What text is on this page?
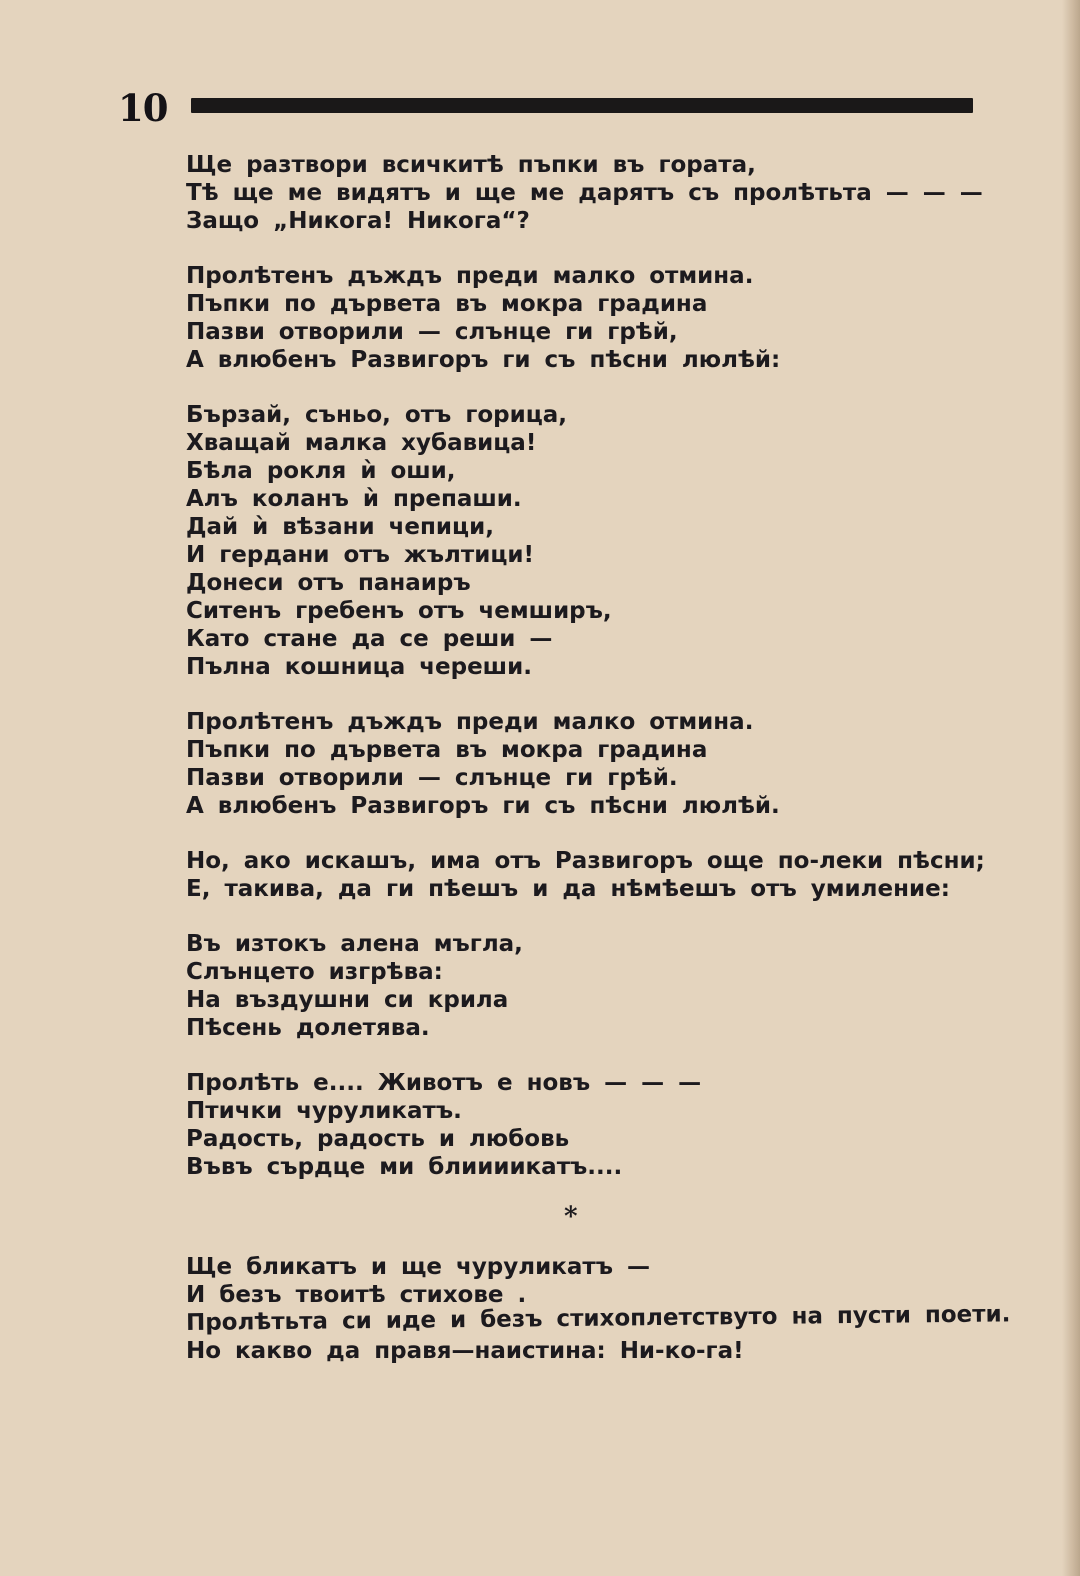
10
Ще разтвори всичкитѣ пъпки въ гората,
Тѣ ще ме видятъ и ще ме дарятъ съ пролѣтьта — — —
Защо „Никога! Никога“?
Пролѣтенъ дъждъ преди малко отмина.
Пъпки по дървета въ мокра градина
Пазви отворили — слънце ги грѣй,
А влюбенъ Развигоръ ги съ пѣсни люлѣй:
Бързай, съньо, отъ горица,
Хващай малка хубавица!
Бѣла рокля ѝ оши,
Алъ коланъ ѝ препаши.
Дай ѝ вѣзани чепици,
И гердани отъ жълтици!
Донеси отъ панаиръ
Ситенъ гребенъ отъ чемширъ,
Като стане да се реши —
Пълна кошница череши.
Пролѣтенъ дъждъ преди малко отмина.
Пъпки по дървета въ мокра градина
Пазви отворили — слънце ги грѣй.
А влюбенъ Развигоръ ги съ пѣсни люлѣй.
Но, ако искашъ, има отъ Развигоръ още по-леки пѣсни;
Е, такива, да ги пѣешъ и да нѣмѣешъ отъ умиление:
Въ изтокъ алена мъгла,
Слънцето изгрѣва:
На въздушни си крила
Пѣсень долетява.
Пролѣть е.... Животъ е новъ — — —
Птички чуруликатъ.
Радость, радость и любовь
Въвъ сърдце ми блиииикатъ....
*
Ще бликатъ и ще чуруликатъ —
И безъ твоитѣ стихове .
Пролѣтьта си иде и безъ стихоплетствуто на пусти поети.
Но какво да правя—наистина: Ни-ко-га!
